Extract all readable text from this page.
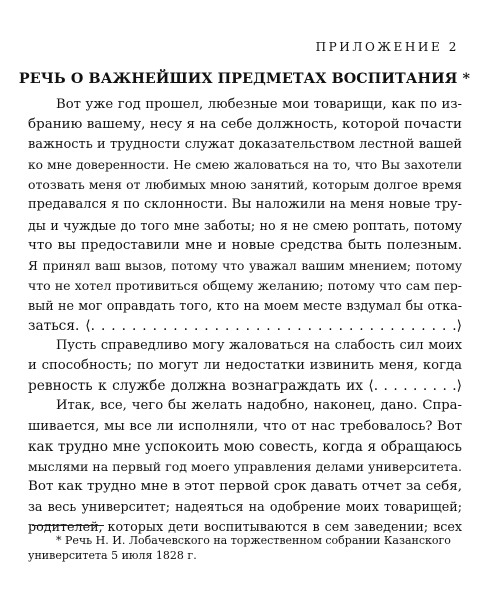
ПРИЛОЖЕНИЕ 2
РЕЧЬ О ВАЖНЕЙШИХ ПРЕДМЕТАХ ВОСПИТАНИЯ *
Вот уже год прошел, любезные мои товарищи, как по из-
бранию вашему, несу я на себе должность, которой почасти
важность и трудности служат доказательством лестной вашей
ко мне доверенности. Не смею жаловаться на то, что Вы захотели
отозвать меня от любимых мною занятий, которым долгое время
предавался я по склонности. Вы наложили на меня новые тру-
ды и чуждые до того мне заботы; но я не смею роптать, потому
что вы предоставили мне и новые средства быть полезным.
Я принял ваш вызов, потому что уважал вашим мнением; потому
что не хотел противиться общему желанию; потому что сам пер-
вый не мог оправдать того, кто на моем месте вздумал бы отка-
заться. ⟨. . . . . . . . . . . . . . . . . . . . . . . . . . . . . . . . . . . .⟩
Пусть справедливо могу жаловаться на слабость сил моих
и способность; по могут ли недостатки извинить меня, когда
ревность к службе должна вознаграждать их ⟨. . . . . . . . .⟩
Итак, все, чего бы желать надобно, наконец, дано. Спра-
шивается, мы все ли исполняли, что от нас требовалось? Вот
как трудно мне успокоить мою совесть, когда я обращаюсь
мыслями на первый год моего управления делами университета.
Вот как трудно мне в этот первой срок давать отчет за себя,
за весь университет; надеяться на одобрение моих товарищей;
родителей, которых дети воспитываются в сем заведении; всех
* Речь Н. И. Лобачевского на торжественном собрании Казанского
университета 5 июля 1828 г.
